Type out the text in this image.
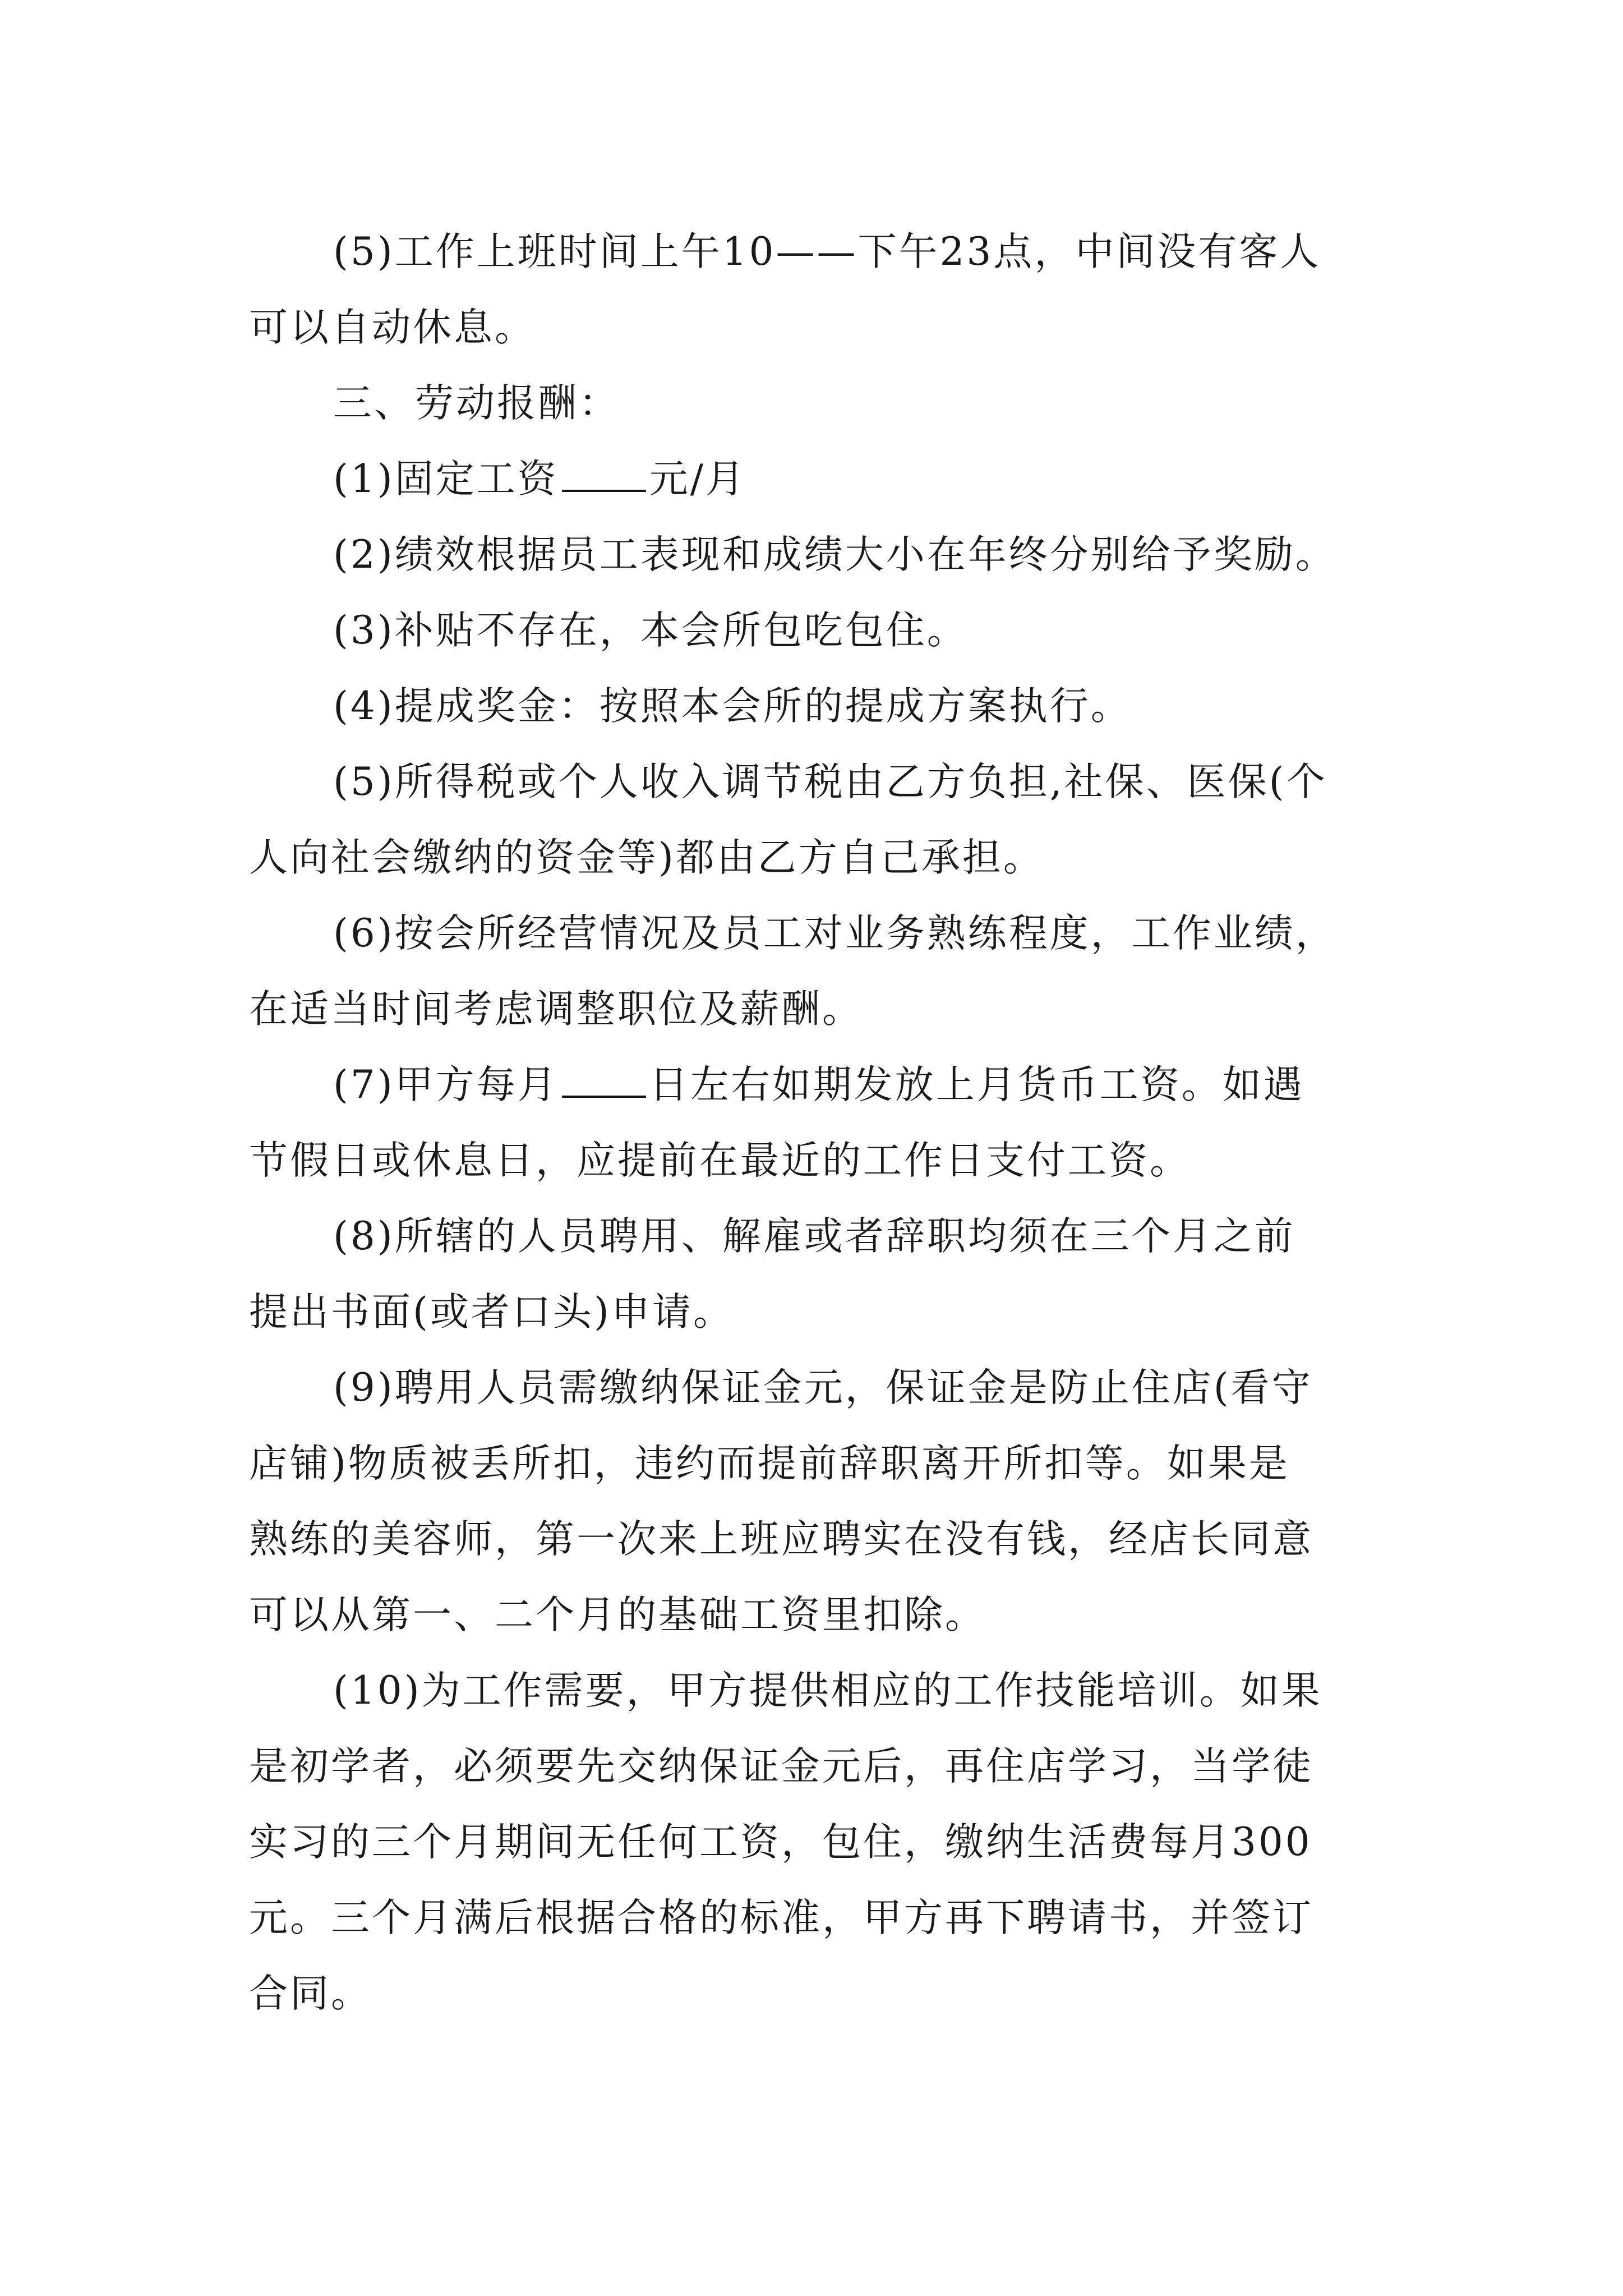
(5)工作上班时间上午10——下午23点，中间没有客人
可以自动休息。

三、劳动报酬：

(1)固定工资 元/月

(2)绩效根据员工表现和成绩大小在年终分别给予奖励。

(3)补贴不存在，本会所包吃包住。

(4)提成奖金：按照本会所的提成方案执行。

(5)所得税或个人收入调节税由乙方负担,社保、医保(个
人向社会缴纳的资金等)都由乙方自己承担。

(6)按会所经营情况及员工对业务熟练程度，工作业绩，
在适当时间考虑调整职位及薪酬。

(7)甲方每月 日左右如期发放上月货币工资。如遇
节假日或休息日，应提前在最近的工作日支付工资。

(8)所辖的人员聘用、解雇或者辞职均须在三个月之前
提出书面(或者口头)申请。

(9)聘用人员需缴纳保证金元，保证金是防止住店(看守
店铺)物质被丢所扣，违约而提前辞职离开所扣等。如果是
熟练的美容师，第一次来上班应聘实在没有钱，经店长同意
可以从第一、二个月的基础工资里扣除。

(10)为工作需要，甲方提供相应的工作技能培训。如果
是初学者，必须要先交纳保证金元后，再住店学习，当学徒
实习的三个月期间无任何工资，包住，缴纳生活费每月300
元。三个月满后根据合格的标准，甲方再下聘请书，并签订
合同。
